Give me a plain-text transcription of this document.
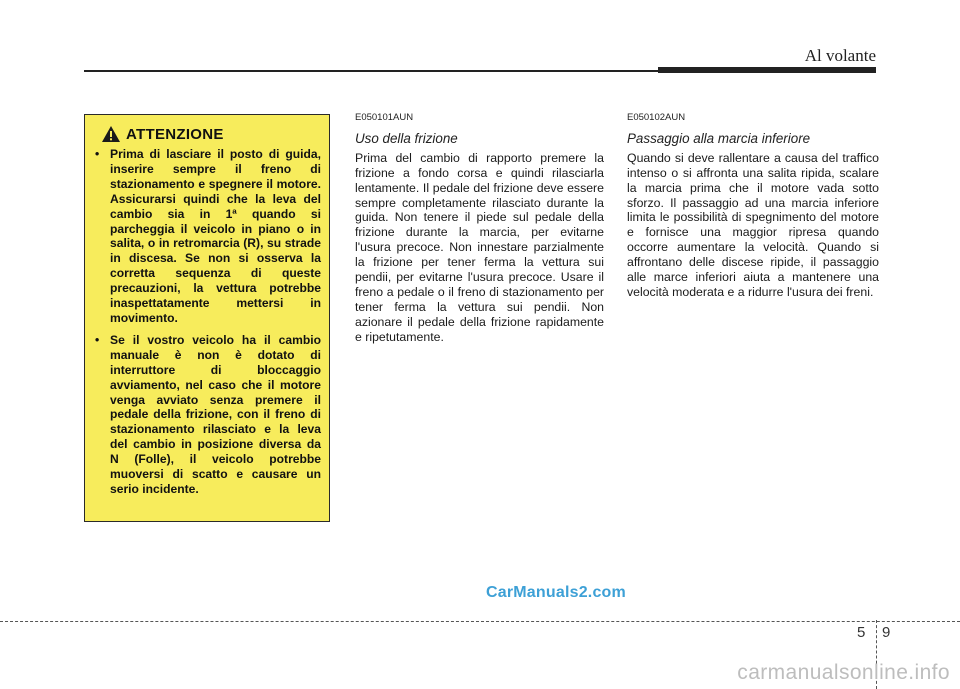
Al volante
ATTENZIONE
• Prima di lasciare il posto di guida, inserire sempre il freno di stazionamento e spegnere il motore. Assicurarsi quindi che la leva del cambio sia in 1ª quando si parcheggia il veicolo in piano o in salita, o in retromarcia (R), su strade in discesa. Se non si osserva la corretta sequenza di queste precauzioni, la vettura potrebbe inaspettatamente mettersi in movimento.
• Se il vostro veicolo ha il cambio manuale è non è dotato di interruttore di bloccaggio avviamento, nel caso che il motore venga avviato senza premere il pedale della frizione, con il freno di stazionamento rilasciato e la leva del cambio in posizione diversa da N (Folle), il veicolo potrebbe muoversi di scatto e causare un serio incidente.

E050101AUN

Uso della frizione

Prima del cambio di rapporto premere la frizione a fondo corsa e quindi rilasciarla lentamente. Il pedale del frizione deve essere sempre completamente rilasciato durante la guida. Non tenere il piede sul pedale della frizione durante la marcia, per evitarne l'usura precoce. Non innestare parzialmente la frizione per tener ferma la vettura sui pendii, per evitarne l'usura precoce. Usare il freno a pedale o il freno di stazionamento per tener ferma la vettura sui pendii. Non azionare il pedale della frizione rapidamente e ripetutamente.

E050102AUN

Passaggio alla marcia inferiore

Quando si deve rallentare a causa del traffico intenso o si affronta una salita ripida, scalare la marcia prima che il motore vada sotto sforzo. Il passaggio ad una marcia inferiore limita le possibilità di spegnimento del motore e fornisce una maggior ripresa quando occorre aumentare la velocità. Quando si affrontano delle discese ripide, il passaggio alle marce inferiori aiuta a mantenere una velocità moderata e a ridurre l'usura dei freni.

CarManuals2.com
5 9
carmanualsonline.info
